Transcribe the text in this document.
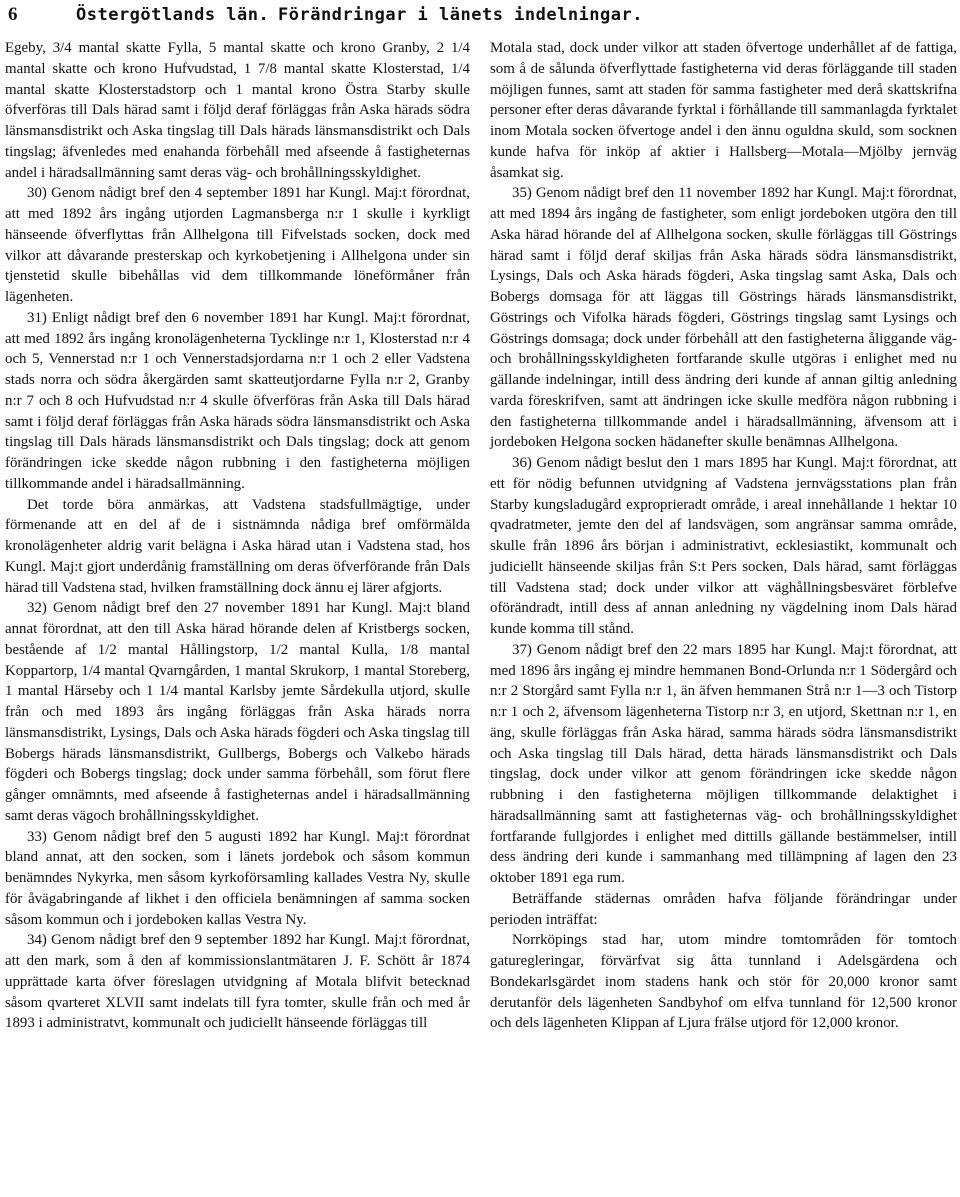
6	Östergötlands län. Förändringar i länets indelningar.

Egeby, 3/4 mantal skatte Fylla, 5 mantal skatte och krono Granby, 2 1/4 mantal skatte och krono Hufvudstad, 1 7/8 mantal skatte Klosterstad, 1/4 mantal skatte Klosterstadstorp och 1 mantal krono Östra Starby skulle öfverföras till Dals härad samt i följd deraf förläggas från Aska härads södra länsmansdistrikt och Aska tingslag till Dals härads länsmansdistrikt och Dals tingslag; äfvenledes med enahanda förbehåll med afseende å fastigheternas andel i häradsallmänning samt deras väg- och brohållningsskyldighet.

30) Genom nådigt bref den 4 september 1891 har Kungl. Maj:t förordnat, att med 1892 års ingång utjorden Lagmansberga n:r 1 skulle i kyrkligt hänseende öfverflyttas från Allhelgona till Fifvelstads socken, dock med vilkor att dåvarande presterskap och kyrkobetjening i Allhelgona under sin tjenstetid skulle bibehållas vid dem tillkommande löneförmåner från lägenheten.

31) Enligt nådigt bref den 6 november 1891 har Kungl. Maj:t förordnat, att med 1892 års ingång kronolägenheterna Tycklinge n:r 1, Klosterstad n:r 4 och 5, Vennerstad n:r 1 och Vennerstadsjordarna n:r 1 och 2 eller Vadstena stads norra och södra åkergärden samt skatteutjordarne Fylla n:r 2, Granby n:r 7 och 8 och Hufvudstad n:r 4 skulle öfverföras från Aska till Dals härad samt i följd deraf förläggas från Aska härads södra länsmansdistrikt och Aska tingslag till Dals härads länsmansdistrikt och Dals tingslag; dock att genom förändringen icke skedde någon rubbning i den fastigheterna möjligen tillkommande andel i häradsallmänning.

Det torde böra anmärkas, att Vadstena stadsfullmägtige, under förmenande att en del af de i sistnämnda nådiga bref omförmälda kronolägenheter aldrig varit belägna i Aska härad utan i Vadstena stad, hos Kungl. Maj:t gjort underdånig framställning om deras öfverförande från Dals härad till Vadstena stad, hvilken framställning dock ännu ej lärer afgjorts.

32) Genom nådigt bref den 27 november 1891 har Kungl. Maj:t bland annat förordnat, att den till Aska härad hörande delen af Kristbergs socken, bestående af 1/2 mantal Hållingstorp, 1/2 mantal Kulla, 1/8 mantal Koppartorp, 1/4 mantal Qvarngården, 1 mantal Skrukorp, 1 mantal Storeberg, 1 mantal Härseby och 1 1/4 mantal Karlsby jemte Sårdekulla utjord, skulle från och med 1893 års ingång förläggas från Aska härads norra länsmansdistrikt, Lysings, Dals och Aska härads fögderi och Aska tingslag till Bobergs härads länsmansdistrikt, Gullbergs, Bobergs och Valkebo härads fögderi och Bobergs tingslag; dock under samma förbehåll, som förut flere gånger omnämnts, med afseende å fastigheternas andel i häradsallmänning samt deras vägoch brohållningsskyldighet.

33) Genom nådigt bref den 5 augusti 1892 har Kungl. Maj:t förordnat bland annat, att den socken, som i länets jordebok och såsom kommun benämndes Nykyrka, men såsom kyrkoförsamling kallades Vestra Ny, skulle för åvägabringande af likhet i den officiela benämningen af samma socken såsom kommun och i jordeboken kallas Vestra Ny.

34) Genom nådigt bref den 9 september 1892 har Kungl. Maj:t förordnat, att den mark, som å den af kommissionslantmätaren J. F. Schött år 1874 upprättade karta öfver föreslagen utvidgning af Motala blifvit betecknad såsom qvarteret XLVII samt indelats till fyra tomter, skulle från och med år 1893 i administratvt, kommunalt och judiciellt hänseende förläggas till

Motala stad, dock under vilkor att staden öfvertoge underhållet af de fattiga, som å de sålunda öfverflyttade fastigheterna vid deras förläggande till staden möjligen funnes, samt att staden för samma fastigheter med derå skattskrifna personer efter deras dåvarande fyrktal i förhållande till sammanlagda fyrktalet inom Motala socken öfvertoge andel i den ännu oguldna skuld, som socknen kunde hafva för inköp af aktier i Hallsberg—Motala—Mjölby jernväg åsamkat sig.

35) Genom nådigt bref den 11 november 1892 har Kungl. Maj:t förordnat, att med 1894 års ingång de fastigheter, som enligt jordeboken utgöra den till Aska härad hörande del af Allhelgona socken, skulle förläggas till Göstrings härad samt i följd deraf skiljas från Aska härads södra länsmansdistrikt, Lysings, Dals och Aska härads fögderi, Aska tingslag samt Aska, Dals och Bobergs domsaga för att läggas till Göstrings härads länsmansdistrikt, Göstrings och Vifolka härads fögderi, Göstrings tingslag samt Lysings och Göstrings domsaga; dock under förbehåll att den fastigheterna åliggande väg- och brohållningsskyldigheten fortfarande skulle utgöras i enlighet med nu gällande indelningar, intill dess ändring deri kunde af annan giltig anledning varda föreskrifven, samt att ändringen icke skulle medföra någon rubbning i den fastigheterna tillkommande andel i häradsallmänning, äfvensom att i jordeboken Helgona socken hädanefter skulle benämnas Allhelgona.

36) Genom nådigt beslut den 1 mars 1895 har Kungl. Maj:t förordnat, att ett för nödig befunnen utvidgning af Vadstena jernvägsstations plan från Starby kungsladugård exproprieradt område, i areal innehållande 1 hektar 10 qvadratmeter, jemte den del af landsvägen, som angränsar samma område, skulle från 1896 års början i administrativt, ecklesiastikt, kommunalt och judiciellt hänseende skiljas från S:t Pers socken, Dals härad, samt förläggas till Vadstena stad; dock under vilkor att väghållningsbesväret förblefve oförändradt, intill dess af annan anledning ny vägdelning inom Dals härad kunde komma till stånd.

37) Genom nådigt bref den 22 mars 1895 har Kungl. Maj:t förordnat, att med 1896 års ingång ej mindre hemmanen Bond-Orlunda n:r 1 Södergård och n:r 2 Storgård samt Fylla n:r 1, än äfven hemmanen Strå n:r 1—3 och Tistorp n:r 1 och 2, äfvensom lägenheterna Tistorp n:r 3, en utjord, Skettnan n:r 1, en äng, skulle förläggas från Aska härad, samma härads södra länsmansdistrikt och Aska tingslag till Dals härad, detta härads länsmansdistrikt och Dals tingslag, dock under vilkor att genom förändringen icke skedde någon rubbning i den fastigheterna möjligen tillkommande delaktighet i häradsallmänning samt att fastigheternas väg- och brohållningsskyldighet fortfarande fullgjordes i enlighet med dittills gällande bestämmelser, intill dess ändring deri kunde i sammanhang med tillämpning af lagen den 23 oktober 1891 ega rum.

Beträffande städernas områden hafva följande förändringar under perioden inträffat:

Norrköpings stad har, utom mindre tomtområden för tomtoch gaturegleringar, förvärfvat sig åtta tunnland i Adelsgärdena och Bondekarlsgärdet inom stadens hank och stör för 20,000 kronor samt derutanför dels lägenheten Sandbyhof om elfva tunnland för 12,500 kronor och dels lägenheten Klippan af Ljura frälse utjord för 12,000 kronor.
